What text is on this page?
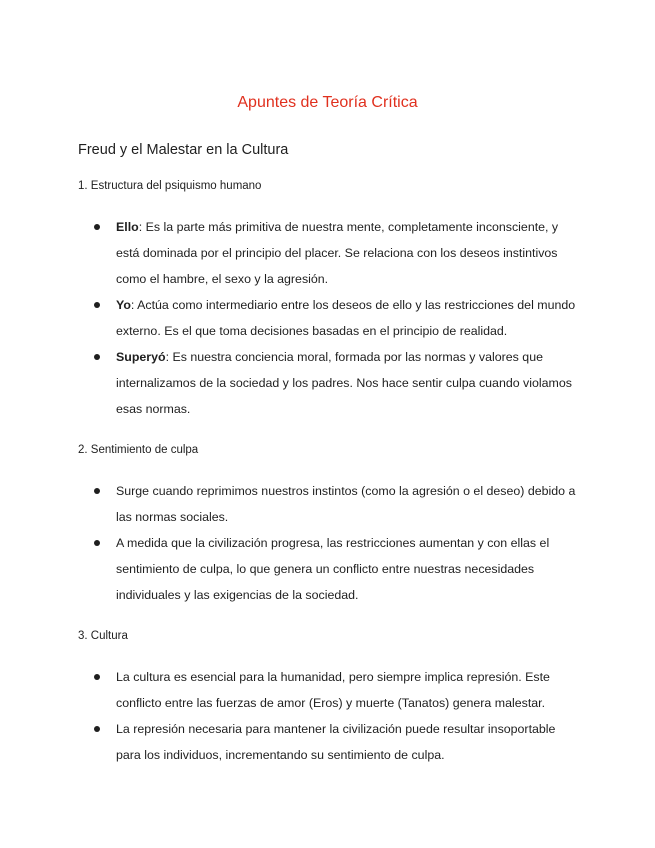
Apuntes de Teoría Crítica
Freud y el Malestar en la Cultura
1. Estructura del psiquismo humano
Ello: Es la parte más primitiva de nuestra mente, completamente inconsciente, y está dominada por el principio del placer. Se relaciona con los deseos instintivos como el hambre, el sexo y la agresión.
Yo: Actúa como intermediario entre los deseos de ello y las restricciones del mundo externo. Es el que toma decisiones basadas en el principio de realidad.
Superyó: Es nuestra conciencia moral, formada por las normas y valores que internalizamos de la sociedad y los padres. Nos hace sentir culpa cuando violamos esas normas.
2. Sentimiento de culpa
Surge cuando reprimimos nuestros instintos (como la agresión o el deseo) debido a las normas sociales.
A medida que la civilización progresa, las restricciones aumentan y con ellas el sentimiento de culpa, lo que genera un conflicto entre nuestras necesidades individuales y las exigencias de la sociedad.
3. Cultura
La cultura es esencial para la humanidad, pero siempre implica represión. Este conflicto entre las fuerzas de amor (Eros) y muerte (Tanatos) genera malestar.
La represión necesaria para mantener la civilización puede resultar insoportable para los individuos, incrementando su sentimiento de culpa.
